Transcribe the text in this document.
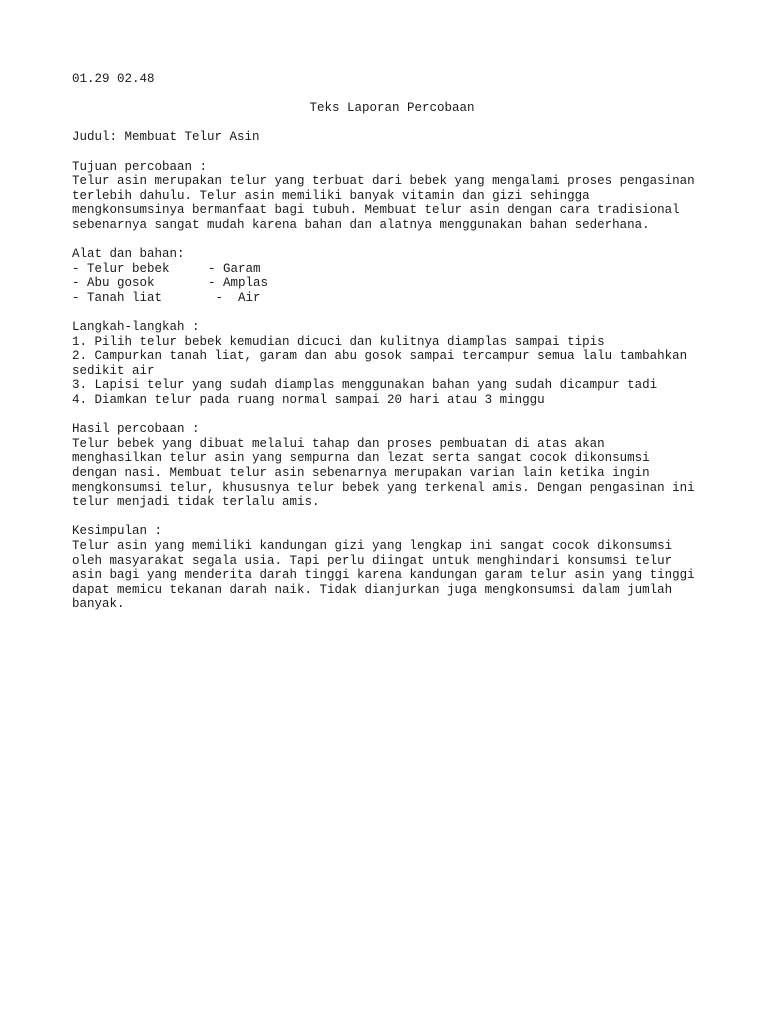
01.29 02.48
Teks Laporan Percobaan
Judul: Membuat Telur Asin
Tujuan percobaan :
Telur asin merupakan telur yang terbuat dari bebek yang mengalami proses pengasinan
terlebih dahulu. Telur asin memiliki banyak vitamin dan gizi sehingga
mengkonsumsinya bermanfaat bagi tubuh. Membuat telur asin dengan cara tradisional
sebenarnya sangat mudah karena bahan dan alatnya menggunakan bahan sederhana.
Alat dan bahan:
- Telur bebek	- Garam
- Abu gosok	- Amplas
- Tanah liat	-  Air
Langkah-langkah :
1. Pilih telur bebek kemudian dicuci dan kulitnya diamplas sampai tipis
2. Campurkan tanah liat, garam dan abu gosok sampai tercampur semua lalu tambahkan
sedikit air
3. Lapisi telur yang sudah diamplas menggunakan bahan yang sudah dicampur tadi
4. Diamkan telur pada ruang normal sampai 20 hari atau 3 minggu
Hasil percobaan :
Telur bebek yang dibuat melalui tahap dan proses pembuatan di atas akan
menghasilkan telur asin yang sempurna dan lezat serta sangat cocok dikonsumsi
dengan nasi. Membuat telur asin sebenarnya merupakan varian lain ketika ingin
mengkonsumsi telur, khususnya telur bebek yang terkenal amis. Dengan pengasinan ini
telur menjadi tidak terlalu amis.
Kesimpulan :
Telur asin yang memiliki kandungan gizi yang lengkap ini sangat cocok dikonsumsi
oleh masyarakat segala usia. Tapi perlu diingat untuk menghindari konsumsi telur
asin bagi yang menderita darah tinggi karena kandungan garam telur asin yang tinggi
dapat memicu tekanan darah naik. Tidak dianjurkan juga mengkonsumsi dalam jumlah
banyak.
